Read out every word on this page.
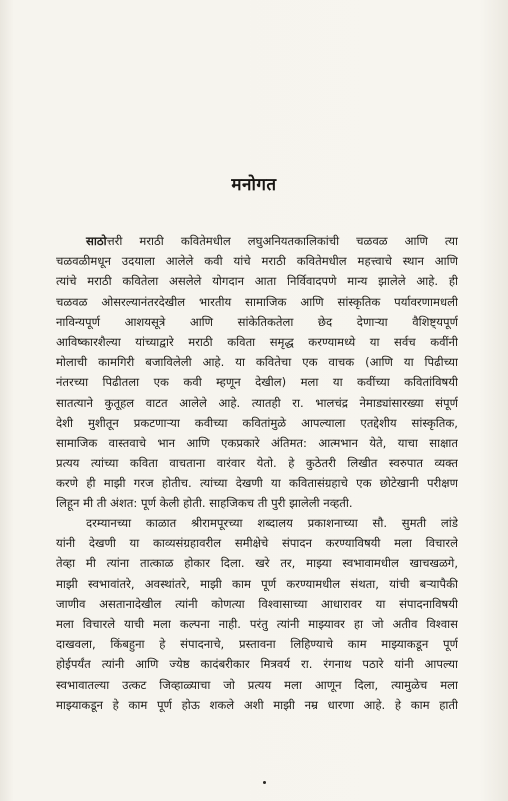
मनोगत
साठोत्तरी मराठी कवितेमधील लघुअनियतकालिकांची चळवळ आणि त्या
चळवळीमधून उदयाला आलेले कवी यांचे मराठी कवितेमधील महत्त्वाचे स्थान आणि
त्यांचे मराठी कवितेला असलेले योगदान आता निर्विवादपणे मान्य झालेले आहे. ही
चळवळ ओसरल्यानंतरदेखील भारतीय सामाजिक आणि सांस्कृतिक पर्यावरणामधली
नाविन्यपूर्ण आशयसूत्रे आणि सांकेतिकतेला छेद देणाऱ्या वैशिष्ट्यपूर्ण
आविष्कारशैल्या यांच्याद्वारे मराठी कविता समृद्ध करण्यामध्ये या सर्वच कवींनी
मोलाची कामगिरी बजाविलेली आहे. या कवितेचा एक वाचक (आणि या पिढीच्या
नंतरच्या पिढीतला एक कवी म्हणून देखील) मला या कवींच्या कवितांविषयी
सातत्याने कुतूहल वाटत आलेले आहे. त्यातही रा. भालचंद्र नेमाड्यांसारख्या संपूर्ण
देशी मुशीतून प्रकटणाऱ्या कवीच्या कवितांमुळे आपल्याला एतद्देशीय सांस्कृतिक,
सामाजिक वास्तवाचे भान आणि एकप्रकारे अंतिमत: आत्मभान येते, याचा साक्षात
प्रत्यय त्यांच्या कविता वाचताना वारंवार येतो. हे कुठेतरी लिखीत स्वरुपात व्यक्त
करणे ही माझी गरज होतीच. त्यांच्या देखणी या कवितासंग्रहाचे एक छोटेखानी परीक्षण
लिहून मी ती अंशत: पूर्ण केली होती. साहजिकच ती पुरी झालेली नव्हती.
दरम्यानच्या काळात श्रीरामपूरच्या शब्दालय प्रकाशनाच्या सौ. सुमती लांडे
यांनी देखणी या काव्यसंग्रहावरील समीक्षेचे संपादन करण्याविषयी मला विचारले
तेव्हा मी त्यांना तात्काळ होकार दिला. खरे तर, माझ्या स्वभावामधील खाचखळगे,
माझी स्वभावांतरे, अवस्थांतरे, माझी काम पूर्ण करण्यामधील संथता, यांची बऱ्यापैकी
जाणीव असतानादेखील त्यांनी कोणत्या विश्वासाच्या आधारावर या संपादनाविषयी
मला विचारले याची मला कल्पना नाही. परंतु त्यांनी माझ्यावर हा जो अतीव विश्वास
दाखवला, किंबहुना हे संपादनाचे, प्रस्तावना लिहिण्याचे काम माझ्याकडून पूर्ण
होईपर्यंत त्यांनी आणि ज्येष्ठ कादंबरीकार मित्रवर्य रा. रंगनाथ पठारे यांनी आपल्या
स्वभावातल्या उत्कट जिव्हाळ्याचा जो प्रत्यय मला आणून दिला, त्यामुळेच मला
माझ्याकडून हे काम पूर्ण होऊ शकले अशी माझी नम्र धारणा आहे. हे काम हाती
